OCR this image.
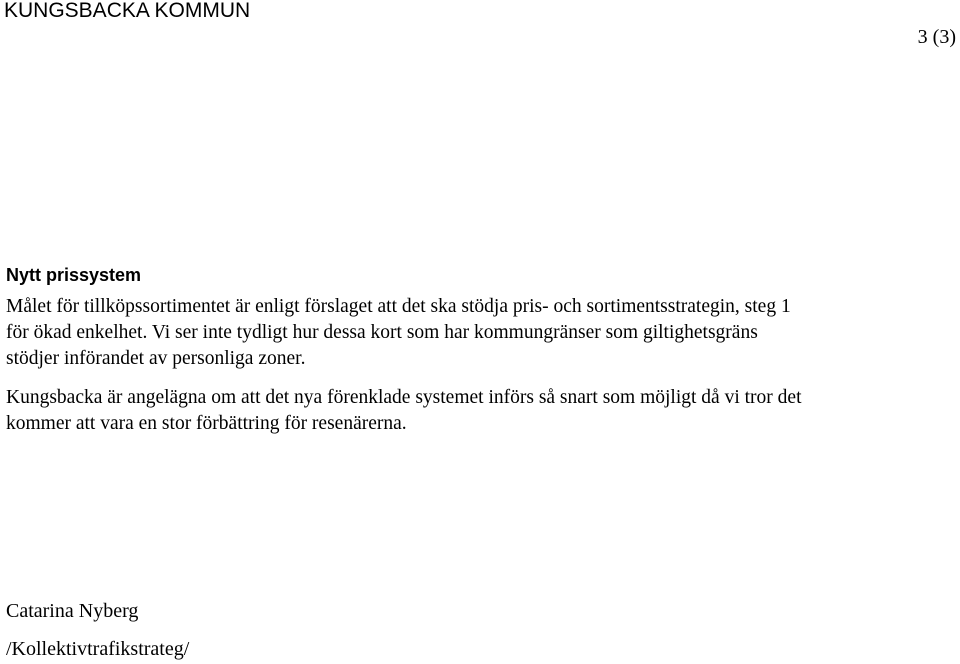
KUNGSBACKA KOMMUN
3 (3)
Nytt prissystem

Målet för tillköpssortimentet är enligt förslaget att det ska stödja pris- och sortimentsstrategin, steg 1
för ökad enkelhet. Vi ser inte tydligt hur dessa kort som har kommungränser som giltighetsgräns
stödjer införandet av personliga zoner.

Kungsbacka är angelägna om att det nya förenklade systemet införs så snart som möjligt då vi tror det
kommer att vara en stor förbättring för resenärerna.

Catarina Nyberg
/Kollektivtrafikstrateg/
